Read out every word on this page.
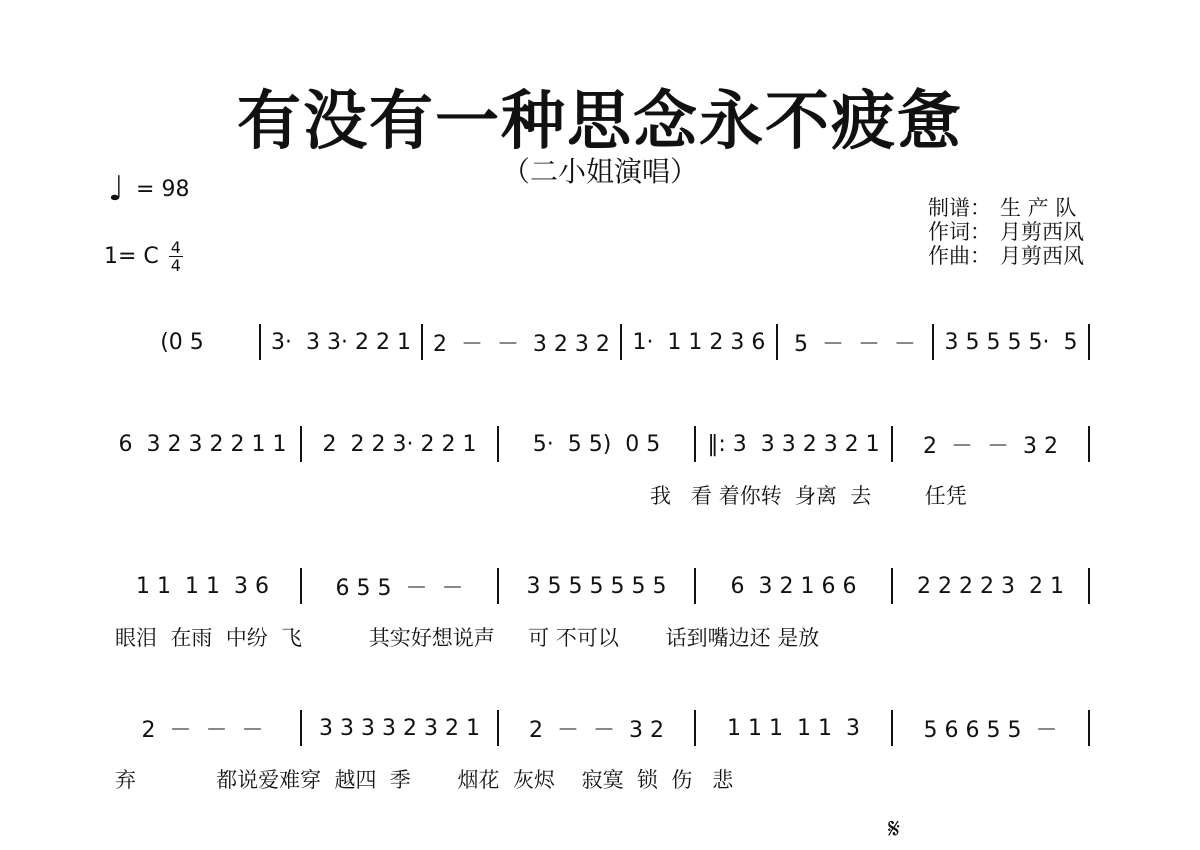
有没有一种思念永不疲惫
（二小姐演唱）
♩ = 98
1= C 4
4
制谱： 生 产 队
作词： 月剪西风
作曲： 月剪西风
(0 5	3·  3 3· 2 2 1 2  －  －  3 2 3 2 1·  1 1 2 3 6 5  －  －  － 3 5 5 5 5·  5
6  3 2 3 2 2 1 1	2  2 2 3· 2 2 1	5·  5 5)  0 5	‖: 3  3 3 2 3 2 1	2  －  －  3 2
我   看 着你转  身离  去        任凭
1 1  1 1  3 6	6 5 5  －  －	3 5 5 5 5 5 5	6  3 2 1 6 6	2 2 2 2 3  2 1
眼泪  在雨  中纷  飞          其实好想说声     可 不可以       话到嘴边还 是放
2  －  －  －	3 3 3 3 2 3 2 1	2  －  －  3 2	1 1 1  1 1  3	5 6 6 5 5  －
弃            都说爱难穿  越四  季       烟花  灰烬    寂寞  锁  伤   悲
𝄋
